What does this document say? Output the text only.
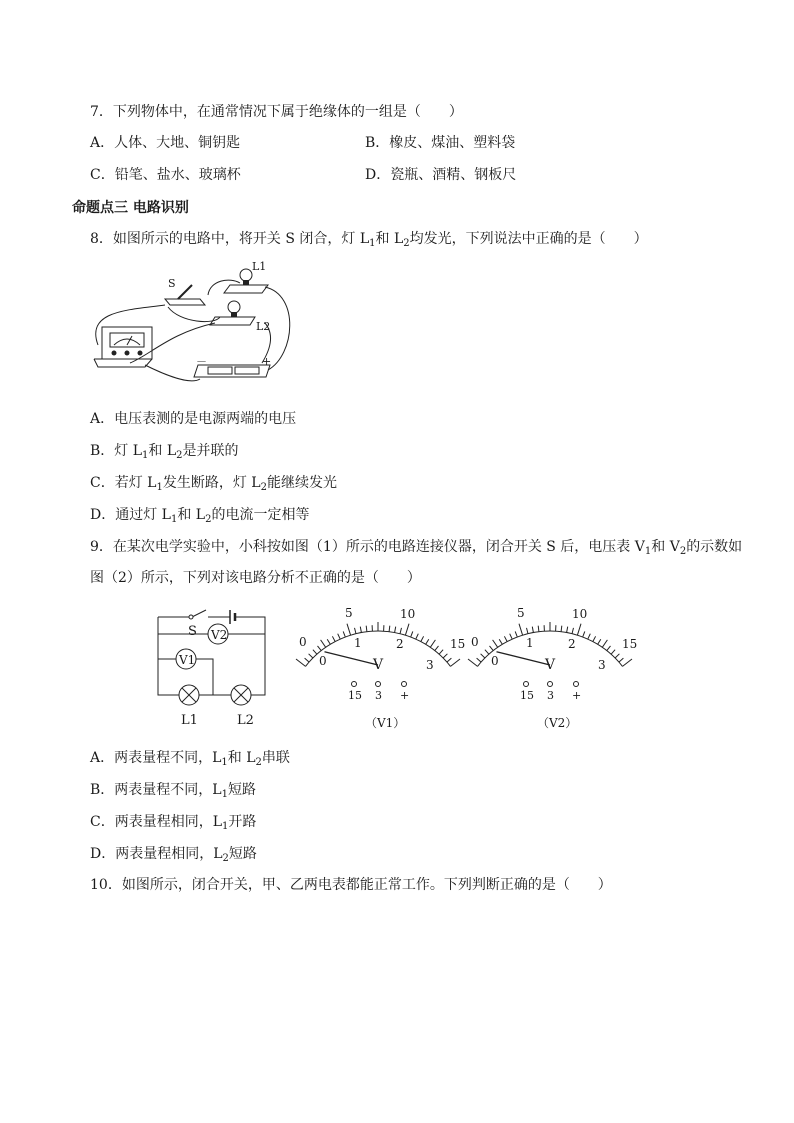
7．下列物体中，在通常情况下属于绝缘体的一组是（　　）
A．人体、大地、铜钥匙	B．橡皮、煤油、塑料袋
C．铅笔、盐水、玻璃杯	D．瓷瓶、酒精、钢板尺
命题点三 电路识别
8．如图所示的电路中，将开关 S 闭合，灯 $L_1$和 $L_2$均发光，下列说法中正确的是（　　）
S
L1
L2
－	+
A．电压表测的是电源两端的电压
B．灯 $L_1$和 $L_2$是并联的
C．若灯 $L_1$发生断路，灯 $L_2$能继续发光
D．通过灯 $L_1$和 $L_2$的电流一定相等
9．在某次电学实验中，小科按如图（1）所示的电路连接仪器，闭合开关 S 后，电压表 $V_1$和 $V_2$的示数如
图（2）所示，下列对该电路分析不正确的是（　　）
S V2
V1
L1	L2
0
5	10
15
0
1	2
3
V
15 3 +
（V1）
0
5	10
15
0
1	2
3
V
15 3 +
（V2）
A．两表量程不同，$L_1$和 $L_2$串联
B．两表量程不同，$L_1$短路
C．两表量程相同，$L_1$开路
D．两表量程相同，$L_2$短路
10．如图所示，闭合开关，甲、乙两电表都能正常工作。下列判断正确的是（　　）
